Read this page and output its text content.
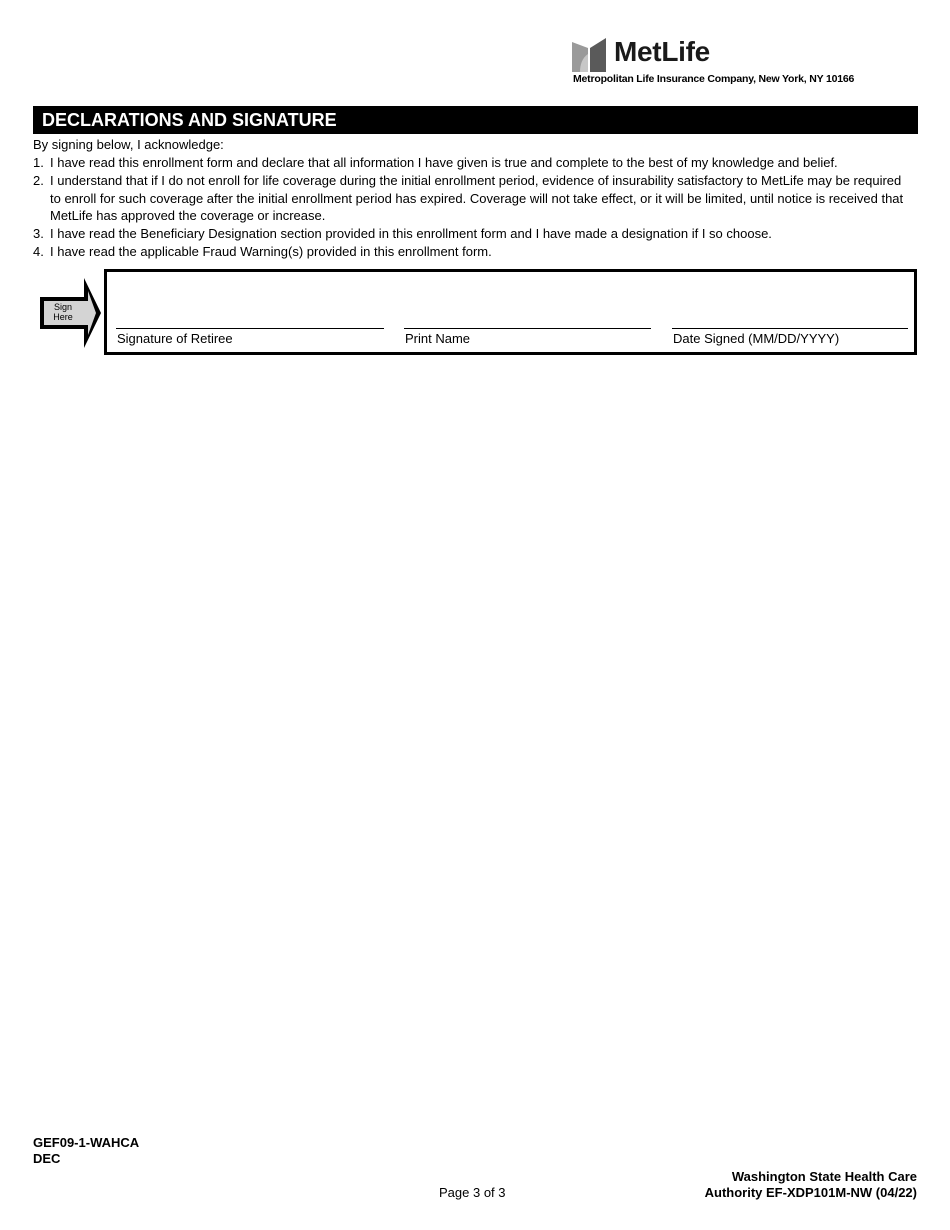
MetLife
Metropolitan Life Insurance Company, New York, NY 10166
DECLARATIONS AND SIGNATURE
By signing below, I acknowledge:
1. I have read this enrollment form and declare that all information I have given is true and complete to the best of my knowledge and belief.
2. I understand that if I do not enroll for life coverage during the initial enrollment period, evidence of insurability satisfactory to MetLife may be required to enroll for such coverage after the initial enrollment period has expired. Coverage will not take effect, or it will be limited, until notice is received that MetLife has approved the coverage or increase.
3. I have read the Beneficiary Designation section provided in this enrollment form and I have made a designation if I so choose.
4. I have read the applicable Fraud Warning(s) provided in this enrollment form.
Sign
Here
Signature of Retiree	Print Name	Date Signed (MM/DD/YYYY)
GEF09-1-WAHCA
DEC
Page 3 of 3
Washington State Health Care
Authority EF-XDP101M-NW (04/22)
